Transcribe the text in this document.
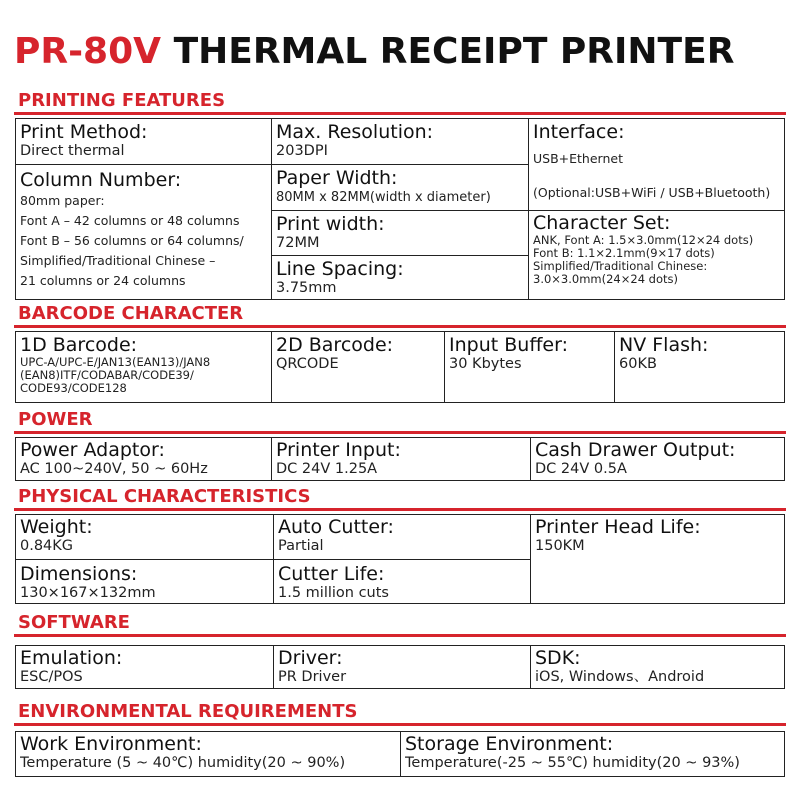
PR-80V THERMAL RECEIPT PRINTER
PRINTING FEATURES
Print Method:
Direct thermal
Max. Resolution:
203DPI
Interface:
USB+Ethernet
(Optional:USB+WiFi / USB+Bluetooth)
Column Number:
80mm paper:
Font A – 42 columns or 48 columns
Font B – 56 columns or 64 columns/
Simplified/Traditional Chinese –
21 columns or 24 columns
Paper Width:
80MM x 82MM(width x diameter)
Print width:
72MM
Line Spacing:
3.75mm
Character Set:
ANK, Font A: 1.5×3.0mm(12×24 dots)
Font B: 1.1×2.1mm(9×17 dots)
Simplified/Traditional Chinese:
3.0×3.0mm(24×24 dots)
BARCODE CHARACTER
1D Barcode:
UPC-A/UPC-E/JAN13(EAN13)/JAN8
(EAN8)ITF/CODABAR/CODE39/
CODE93/CODE128
2D Barcode:
QRCODE
Input Buffer:
30 Kbytes
NV Flash:
60KB
POWER
Power Adaptor:
AC 100~240V, 50 ~ 60Hz
Printer Input:
DC 24V 1.25A
Cash Drawer Output:
DC 24V 0.5A
PHYSICAL CHARACTERISTICS
Weight:
0.84KG
Auto Cutter:
Partial
Printer Head Life:
150KM
Dimensions:
130×167×132mm
Cutter Life:
1.5 million cuts
SOFTWARE
Emulation:
ESC/POS
Driver:
PR Driver
SDK:
iOS, Windows、Android
ENVIRONMENTAL REQUIREMENTS
Work Environment:
Temperature (5 ~ 40℃) humidity(20 ~ 90%)
Storage Environment:
Temperature(-25 ~ 55℃) humidity(20 ~ 93%)
